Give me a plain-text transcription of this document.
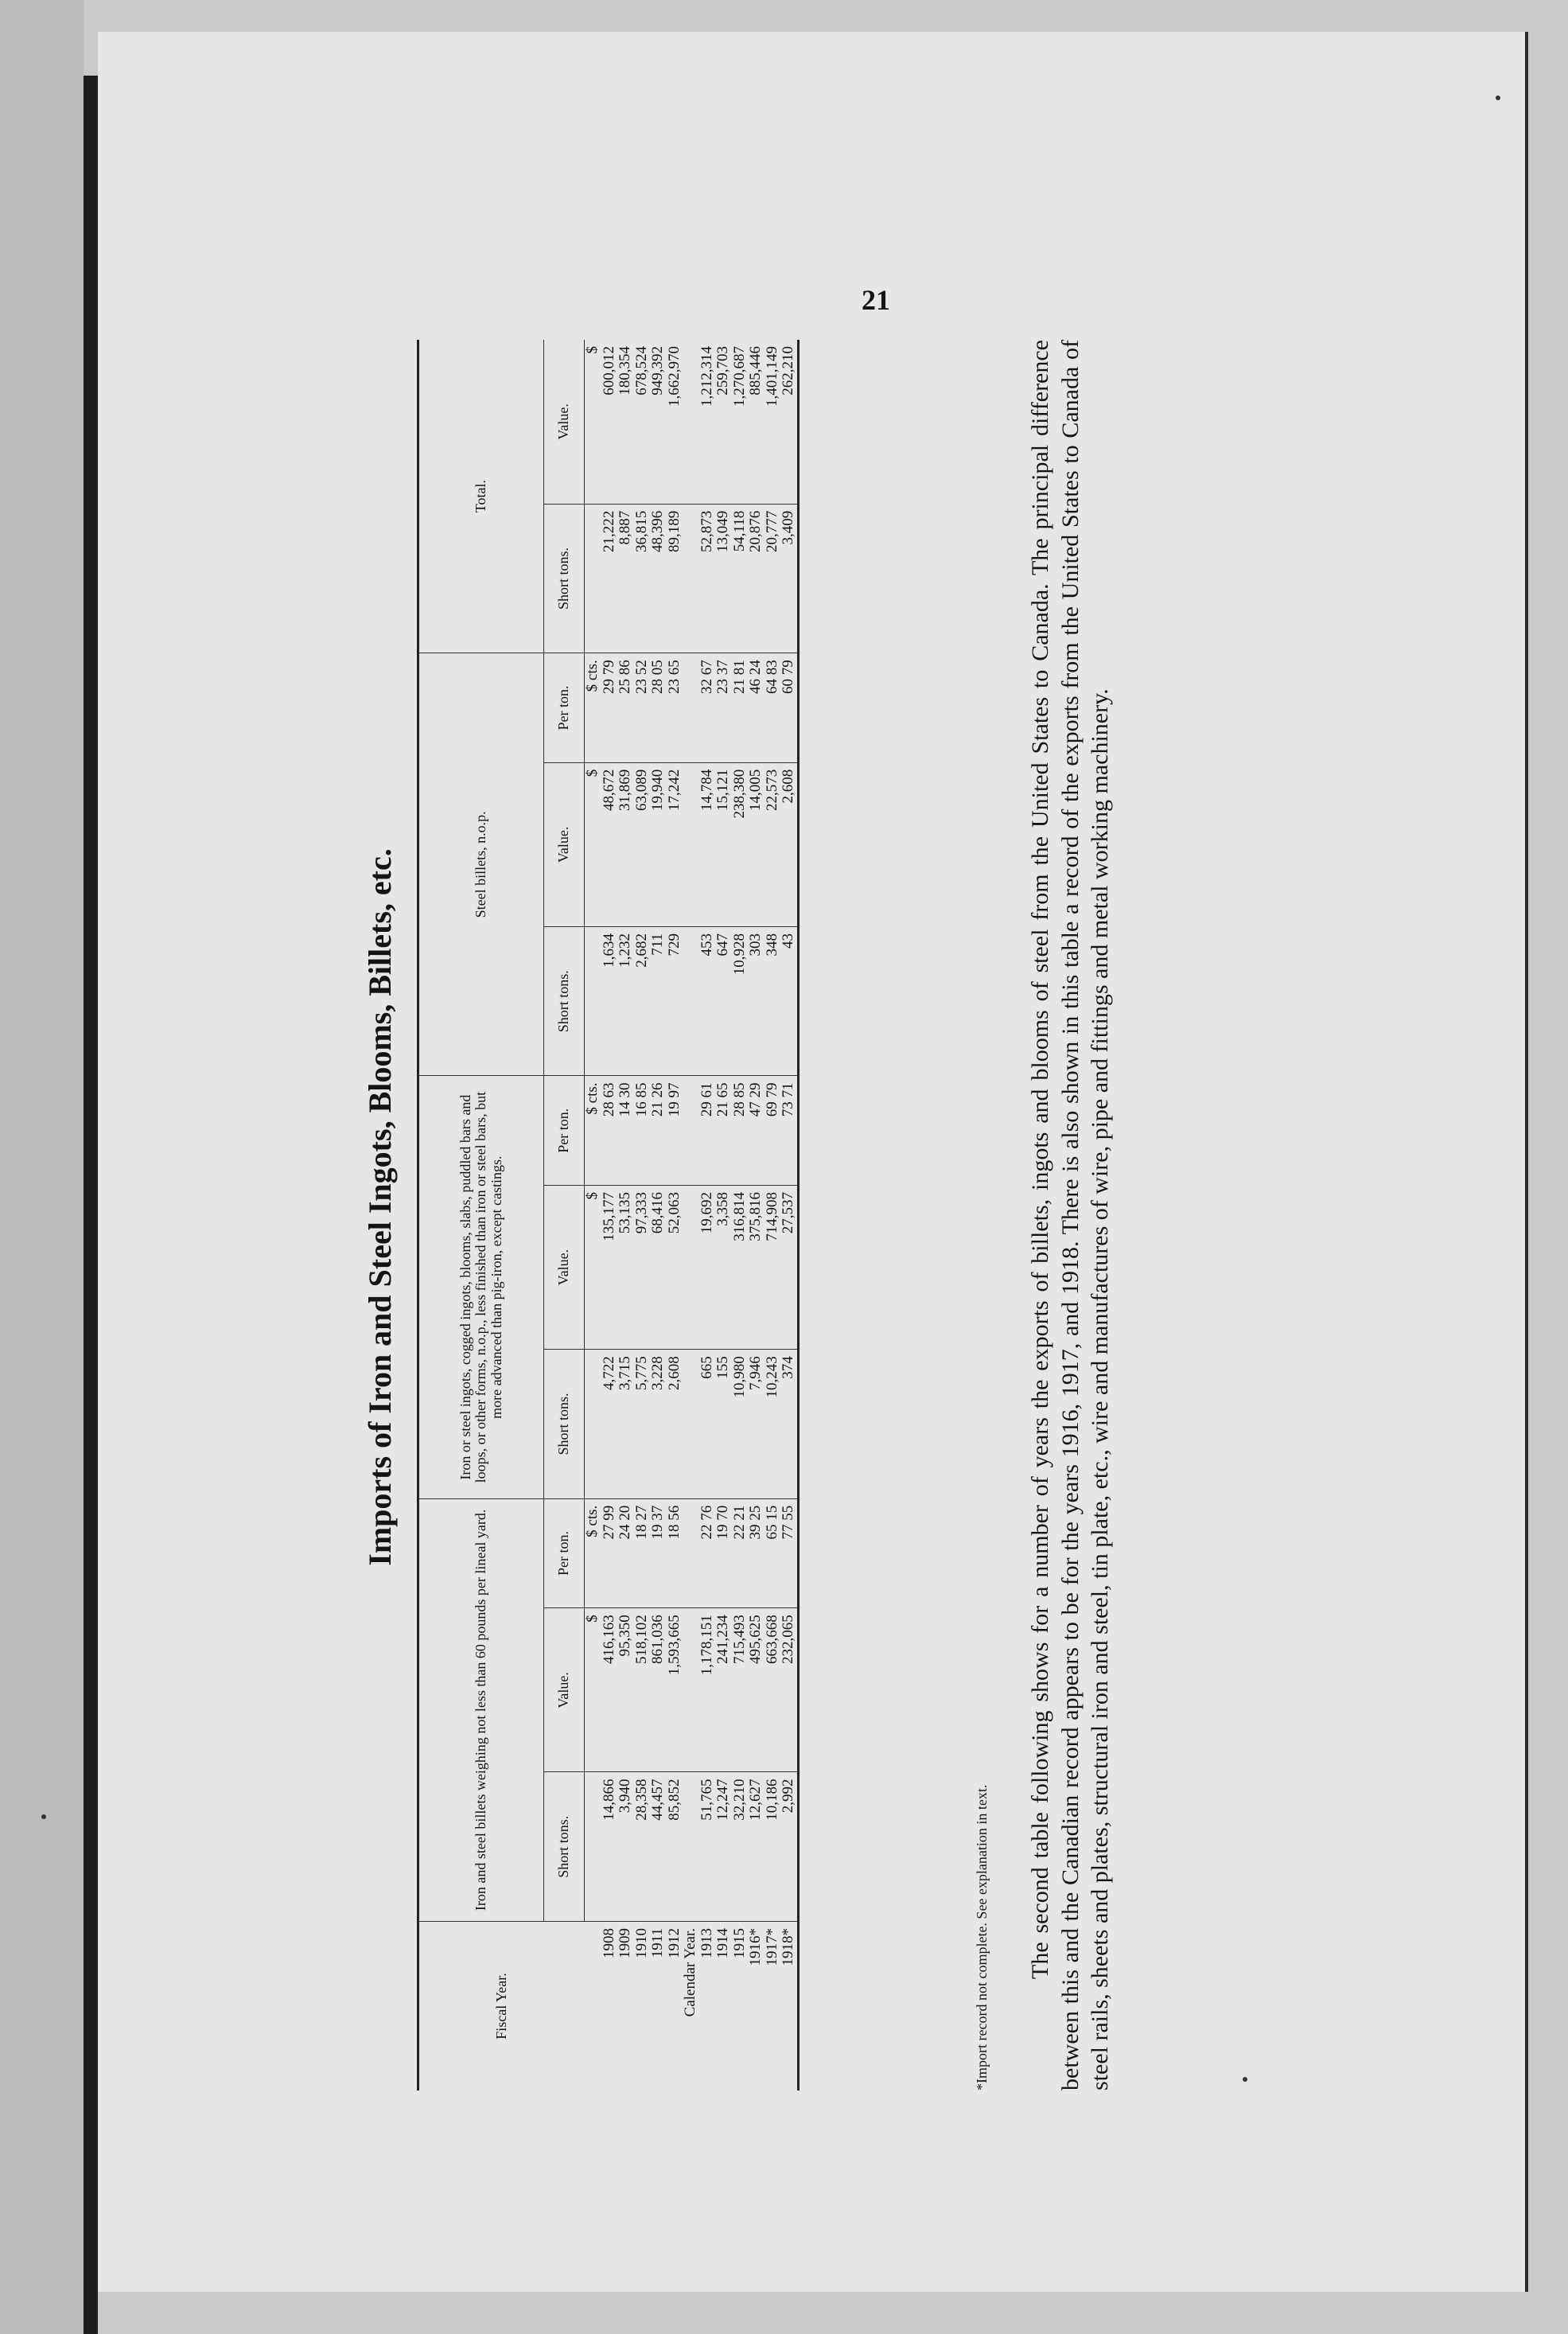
21
Imports of Iron and Steel Ingots, Blooms, Billets, etc.
Fiscal Year.	Iron and steel billets weighing not less than 60 pounds per lineal yard.			Iron or steel ingots, cogged ingots, blooms, slabs, puddled bars and loops, or other forms, n.o.p., less finished than iron or steel bars, but more advanced than pig-iron, except castings.			Steel billets, n.o.p.			Total.	
	Short tons.	Value.	Per ton.	Short tons.	Value.	Per ton.	Short tons.	Value.	Per ton.	Short tons.	Value.
		$	$ cts.		$	$ cts.		$	$ cts.		$
1908	14,866	416,163	27 99	4,722	135,177	28 63	1,634	48,672	29 79	21,222	600,012
1909	3,940	95,350	24 20	3,715	53,135	14 30	1,232	31,869	25 86	8,887	180,354
1910	28,358	518,102	18 27	5,775	97,333	16 85	2,682	63,089	23 52	36,815	678,524
1911	44,457	861,036	19 37	3,228	68,416	21 26	711	19,940	28 05	48,396	949,392
1912	85,852	1,593,665	18 56	2,608	52,063	19 97	729	17,242	23 65	89,189	1,662,970
Calendar Year.											
1913	51,765	1,178,151	22 76	665	19,692	29 61	453	14,784	32 67	52,873	1,212,314
1914	12,247	241,234	19 70	155	3,358	21 65	647	15,121	23 37	13,049	259,703
1915	32,210	715,493	22 21	10,980	316,814	28 85	10,928	238,380	21 81	54,118	1,270,687
1916*	12,627	495,625	39 25	7,946	375,816	47 29	303	14,005	46 24	20,876	885,446
1917*	10,186	663,668	65 15	10,243	714,908	69 79	348	22,573	64 83	20,777	1,401,149
1918*	2,992	232,065	77 55	374	27,537	73 71	43	2,608	60 79	3,409	262,210
*Import record not complete. See explanation in text. The second table following shows for a number of years the exports of billets, ingots and blooms of steel from the United States to Canada. The principal difference between this and the Canadian record appears to be for the years 1916, 1917, and 1918. There is also shown in this table a record of the exports from the United States to Canada of steel rails, sheets and plates, structural iron and steel, tin plate, etc., wire and manufactures of wire, pipe and fittings and metal working machinery.
